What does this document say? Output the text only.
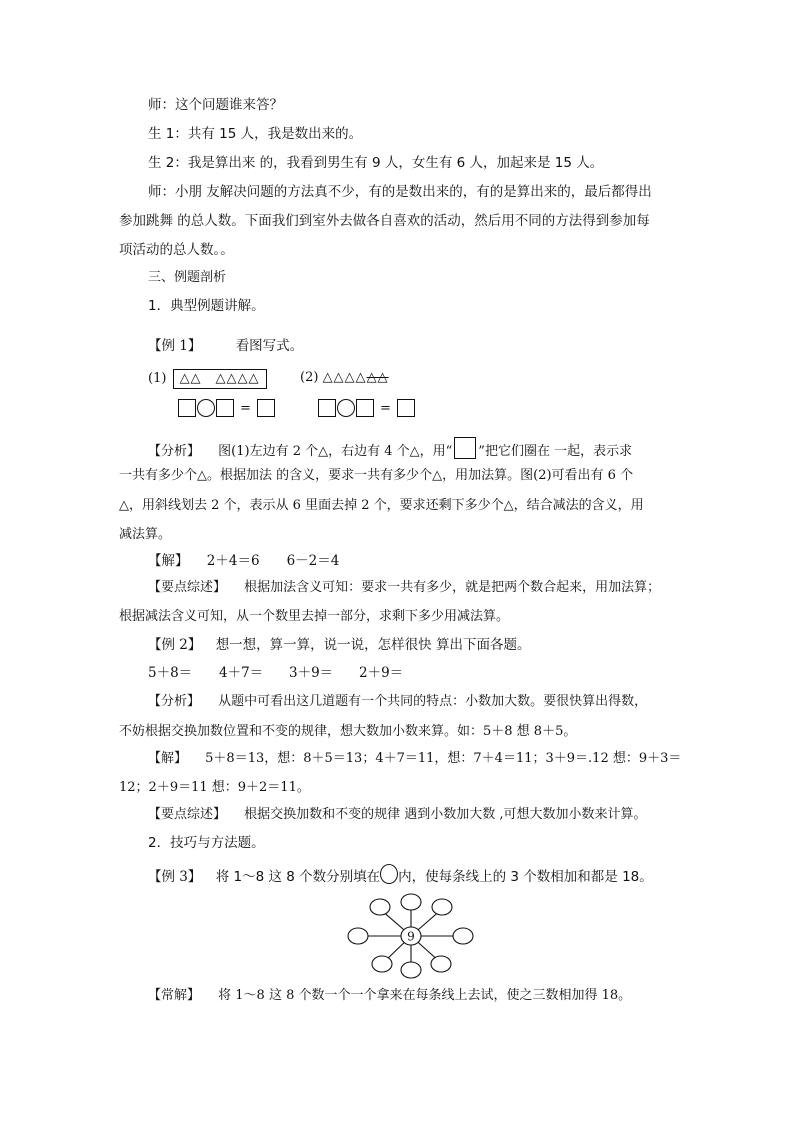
师：这个问题谁来答？
生 1：共有 15 人，我是数出来的。
生 2：我是算出来 的，我看到男生有 9 人，女生有 6 人，加起来是 15 人。
师：小朋 友解决问题的方法真不少，有的是数出来的，有的是算出来的，最后都得出
参加跳舞 的总人数。下面我们到室外去做各自喜欢的活动，然后用不同的方法得到参加每
项活动的总人数。。
三、例题剖析
1．典型例题讲解。
【例 1】	看图写式。
(1) △△　△△△△	(2) △△△△△△
=	=
【分析】 图(1)左边有 2 个△，右边有 4 个△，用“ ”把它们圈在 一起，表示求
一共有多少个△。根据加法 的含义，要求一共有多少个△，用加法算。图(2)可看出有 6 个
△，用斜线划去 2 个，表示从 6 里面去掉 2 个，要求还剩下多少个△，结合减法的含义，用
减法算。
【解】 2＋4＝6　　6－2＝4
【要点综述】 根据加法含义可知：要求一共有多少，就是把两个数合起来，用加法算；
根据减法含义可知，从一个数里去掉一部分，求剩下多少用减法算。
【例 2】 想一想，算一算，说一说，怎样很快 算出下面各题。
5＋8＝ 4＋7＝ 3＋9＝ 2＋9＝
【分析】 从题中可看出这几道题有一个共同的特点：小数加大数。要很快算出得数，
不妨根据交换加数位置和不变的规律，想大数加小数来算。如：5＋8 想 8＋5。
【解】 5＋8＝13，想：8＋5＝13；4＋7＝11，想：7＋4＝11；3＋9＝.12 想：9＋3＝
12；2＋9＝11 想：9＋2＝11。
【要点综述】 根据交换加数和不变的规律 遇到小数加大数 ,可想大数加小数来计算。
2．技巧与方法题。
【例 3】 将 1～8 这 8 个数分别填在 内，使每条线上的 3 个数相加和都是 18。
9
【常解】 将 1～8 这 8 个数一个一个拿来在每条线上去试，使之三数相加得 18。
